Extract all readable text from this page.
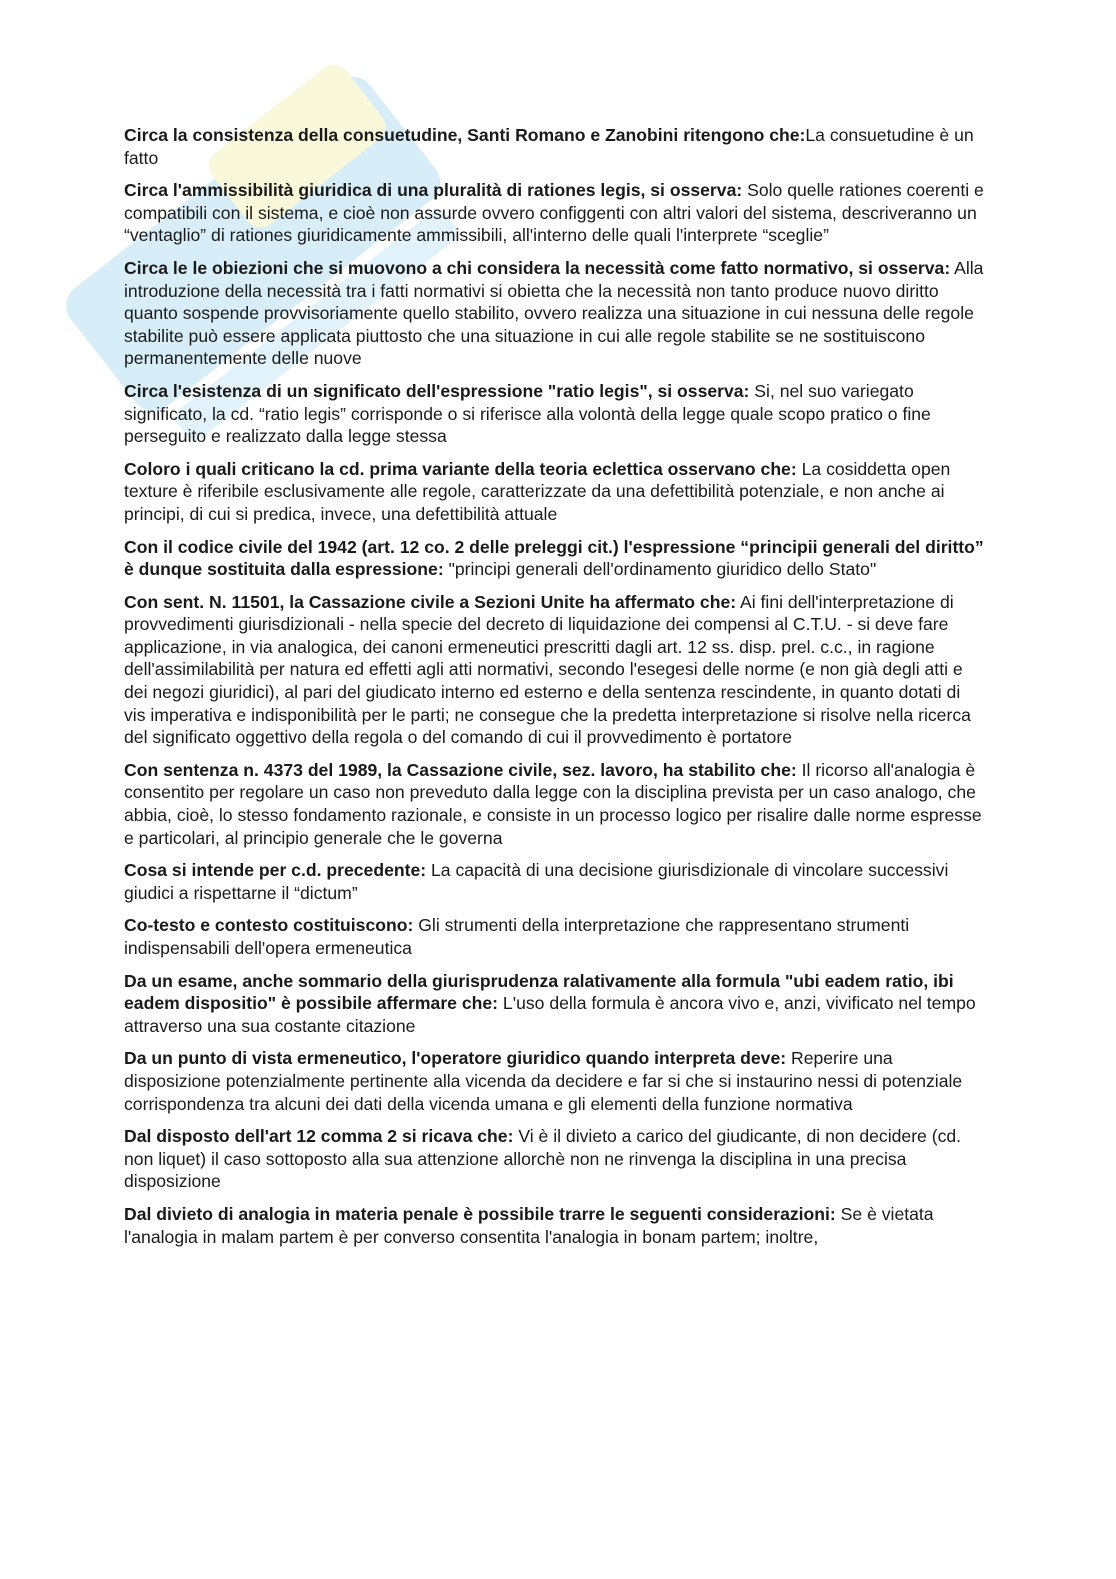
Circa la consistenza della consuetudine, Santi Romano e Zanobini ritengono che:La consuetudine è un fatto

Circa l'ammissibilità giuridica di una pluralità di rationes legis, si osserva: Solo quelle rationes coerenti e compatibili con il sistema, e cioè non assurde ovvero configgenti con altri valori del sistema, descriveranno un “ventaglio” di rationes giuridicamente ammissibili, all'interno delle quali l'interprete “sceglie”

Circa le le obiezioni che si muovono a chi considera la necessità come fatto normativo, si osserva: Alla introduzione della necessità tra i fatti normativi si obietta che la necessità non tanto produce nuovo diritto quanto sospende provvisoriamente quello stabilito, ovvero realizza una situazione in cui nessuna delle regole stabilite può essere applicata piuttosto che una situazione in cui alle regole stabilite se ne sostituiscono permanentemente delle nuove

Circa l'esistenza di un significato dell'espressione "ratio legis", si osserva: Si, nel suo variegato significato, la cd. “ratio legis” corrisponde o si riferisce alla volontà della legge quale scopo pratico o fine perseguito e realizzato dalla legge stessa

Coloro i quali criticano la cd. prima variante della teoria eclettica osservano che: La cosiddetta open texture è riferibile esclusivamente alle regole, caratterizzate da una defettibilità potenziale, e non anche ai principi, di cui si predica, invece, una defettibilità attuale

Con il codice civile del 1942 (art. 12 co. 2 delle preleggi cit.) l'espressione “principii generali del diritto” è dunque sostituita dalla espressione: "principi generali dell'ordinamento giuridico dello Stato"

Con sent. N. 11501, la Cassazione civile a Sezioni Unite ha affermato che: Ai fini dell'interpretazione di provvedimenti giurisdizionali - nella specie del decreto di liquidazione dei compensi al C.T.U. - si deve fare applicazione, in via analogica, dei canoni ermeneutici prescritti dagli art. 12 ss. disp. prel. c.c., in ragione dell'assimilabilità per natura ed effetti agli atti normativi, secondo l'esegesi delle norme (e non già degli atti e dei negozi giuridici), al pari del giudicato interno ed esterno e della sentenza rescindente, in quanto dotati di vis imperativa e indisponibilità per le parti; ne consegue che la predetta interpretazione si risolve nella ricerca del significato oggettivo della regola o del comando di cui il provvedimento è portatore

Con sentenza n. 4373 del 1989, la Cassazione civile, sez. lavoro, ha stabilito che: Il ricorso all'analogia è consentito per regolare un caso non preveduto dalla legge con la disciplina prevista per un caso analogo, che abbia, cioè, lo stesso fondamento razionale, e consiste in un processo logico per risalire dalle norme espresse e particolari, al principio generale che le governa

Cosa si intende per c.d. precedente: La capacità di una decisione giurisdizionale di vincolare successivi giudici a rispettarne il “dictum”

Co-testo e contesto costituiscono: Gli strumenti della interpretazione che rappresentano strumenti indispensabili dell'opera ermeneutica

Da un esame, anche sommario della giurisprudenza ralativamente alla formula "ubi eadem ratio, ibi eadem dispositio" è possibile affermare che: L'uso della formula è ancora vivo e, anzi, vivificato nel tempo attraverso una sua costante citazione

Da un punto di vista ermeneutico, l'operatore giuridico quando interpreta deve: Reperire una disposizione potenzialmente pertinente alla vicenda da decidere e far si che si instaurino nessi di potenziale corrispondenza tra alcuni dei dati della vicenda umana e gli elementi della funzione normativa

Dal disposto dell'art 12 comma 2 si ricava che: Vi è il divieto a carico del giudicante, di non decidere (cd. non liquet) il caso sottoposto alla sua attenzione allorchè non ne rinvenga la disciplina in una precisa disposizione

Dal divieto di analogia in materia penale è possibile trarre le seguenti considerazioni: Se è vietata l'analogia in malam partem è per converso consentita l'analogia in bonam partem; inoltre,
